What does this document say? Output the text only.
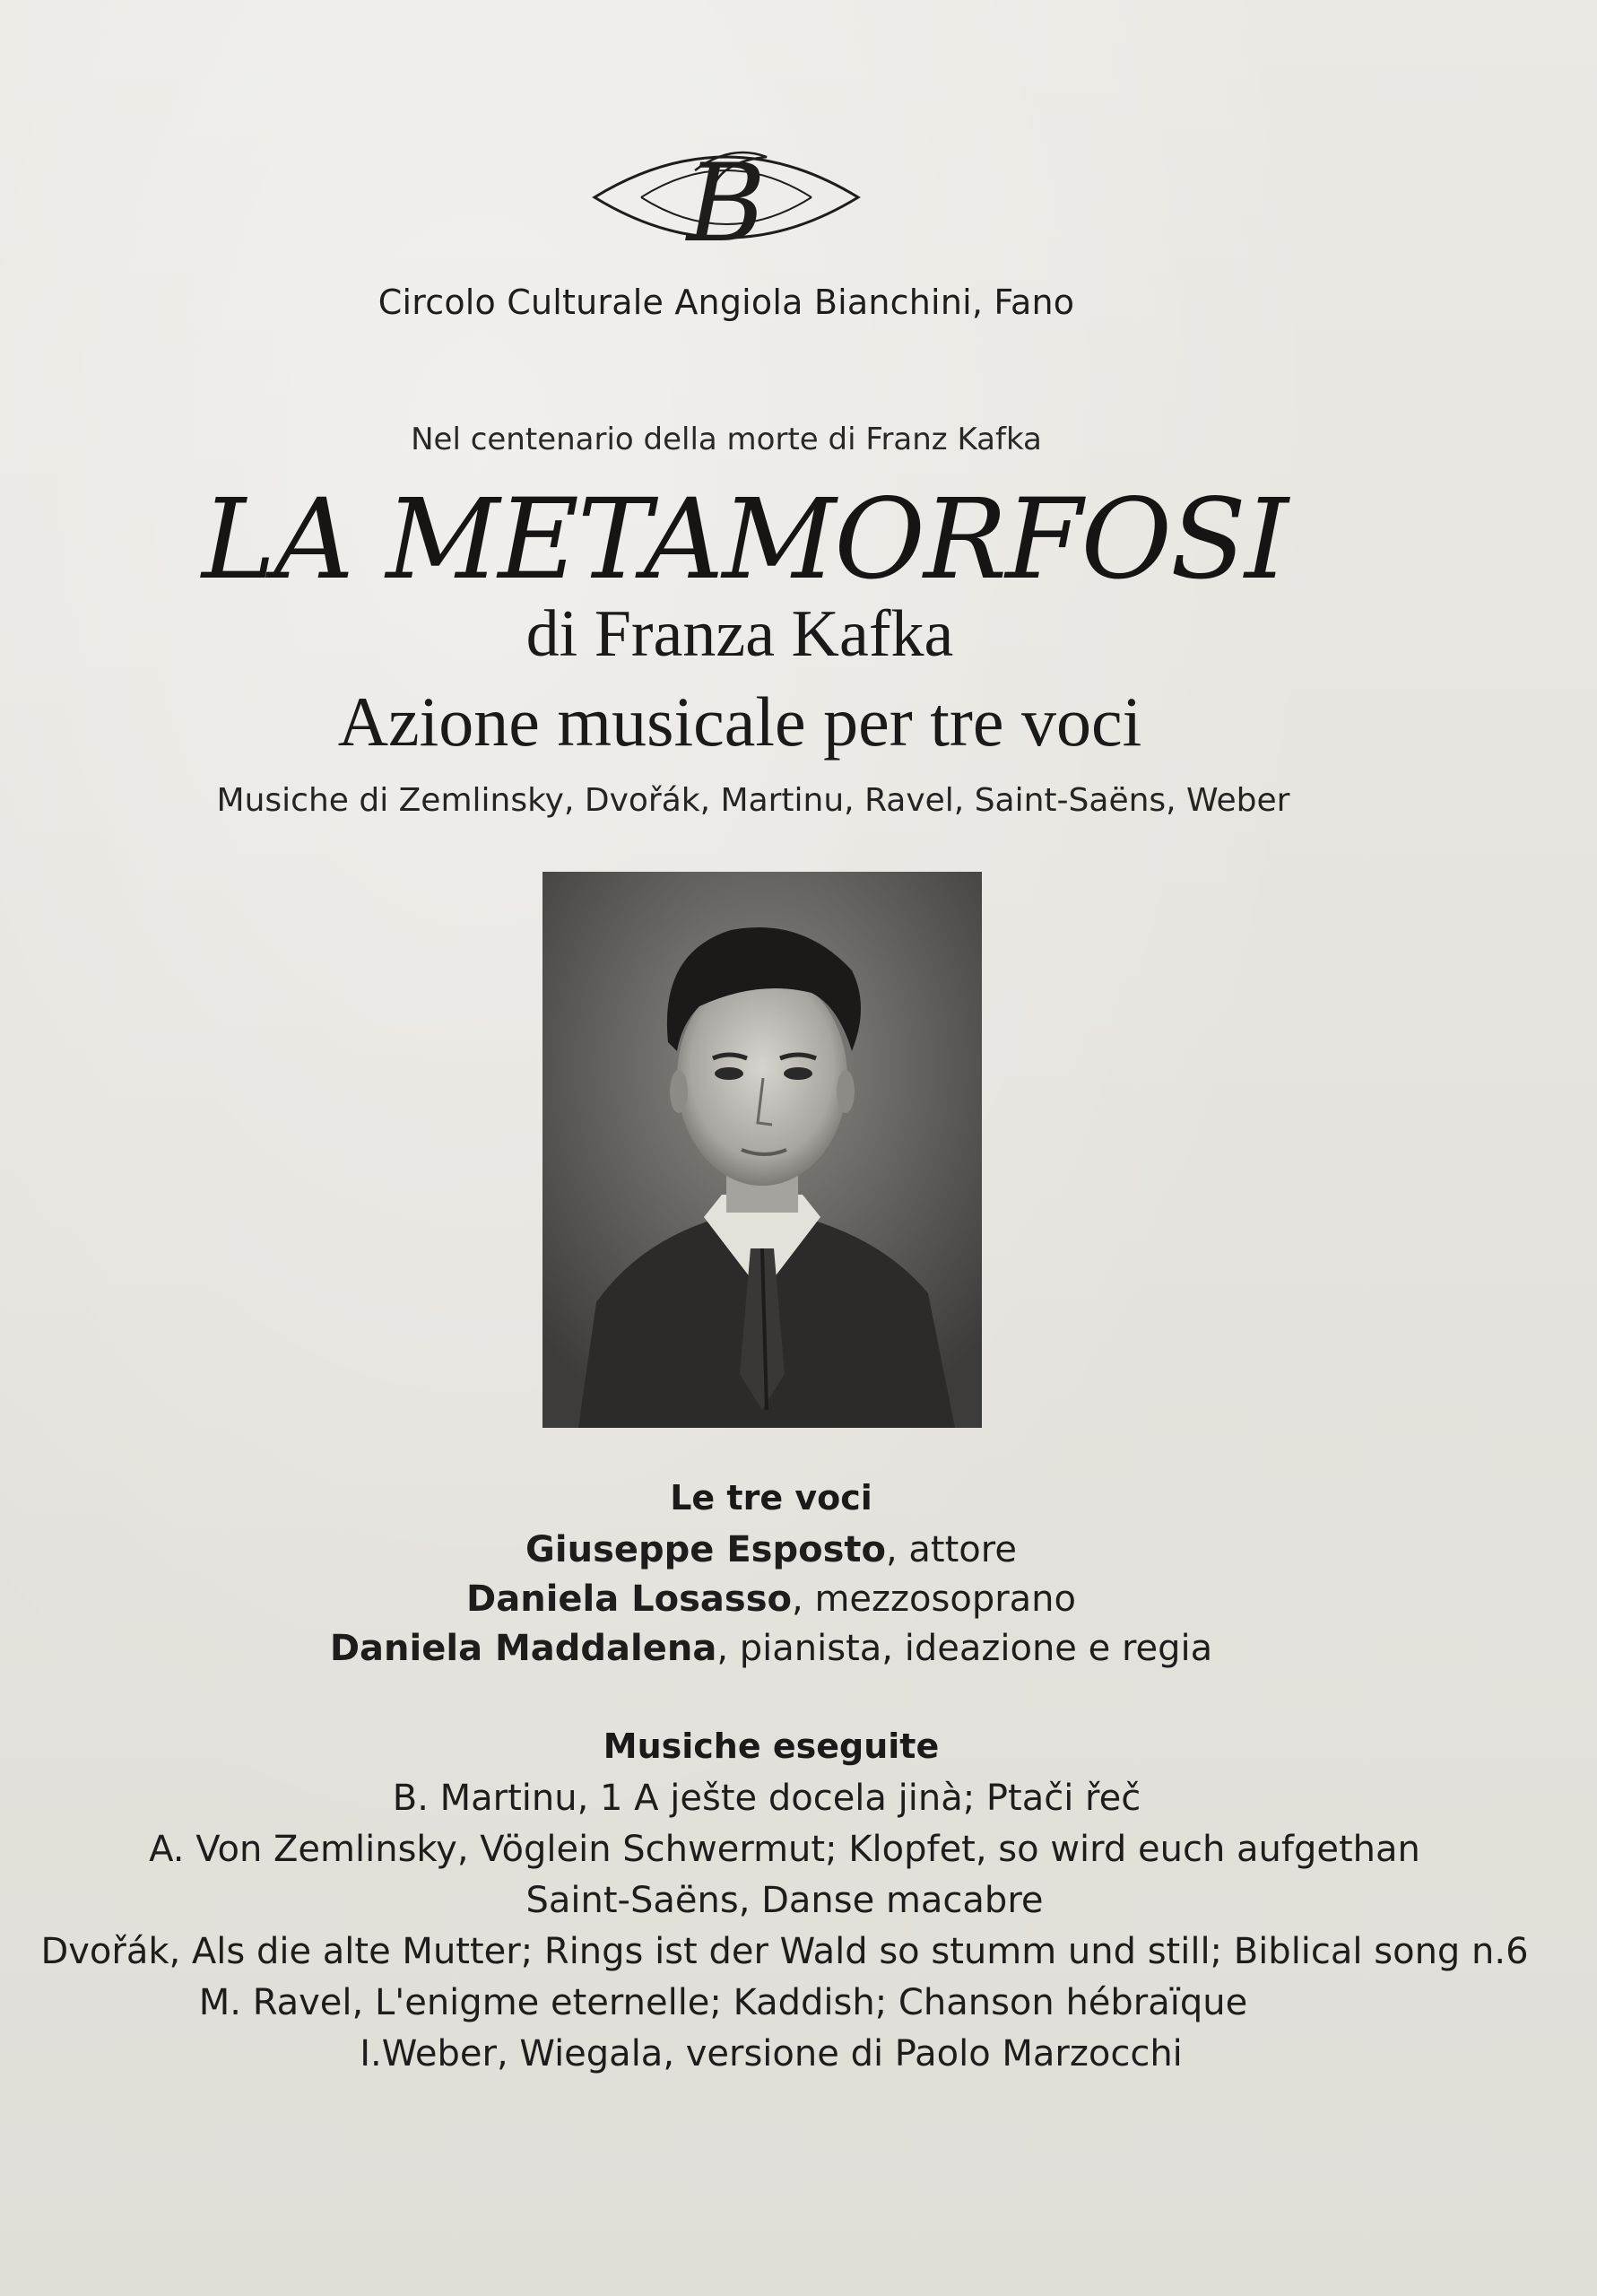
B
Circolo Culturale Angiola Bianchini, Fano
Nel centenario della morte di Franz Kafka
LA METAMORFOSI
di Franza Kafka
Azione musicale per tre voci
Musiche di Zemlinsky, Dvořák, Martinu, Ravel, Saint-Saëns, Weber
Le tre voci
Giuseppe Esposto, attore
Daniela Losasso, mezzosoprano
Daniela Maddalena, pianista, ideazione e regia
Musiche eseguite
B. Martinu, 1 A ješte docela jinà; Ptači řeč
A. Von Zemlinsky, Vöglein Schwermut; Klopfet, so wird euch aufgethan
Saint-Saëns, Danse macabre
Dvořák, Als die alte Mutter; Rings ist der Wald so stumm und still; Biblical song n.6
M. Ravel, L'enigme eternelle; Kaddish; Chanson hébraïque
I.Weber, Wiegala, versione di Paolo Marzocchi
